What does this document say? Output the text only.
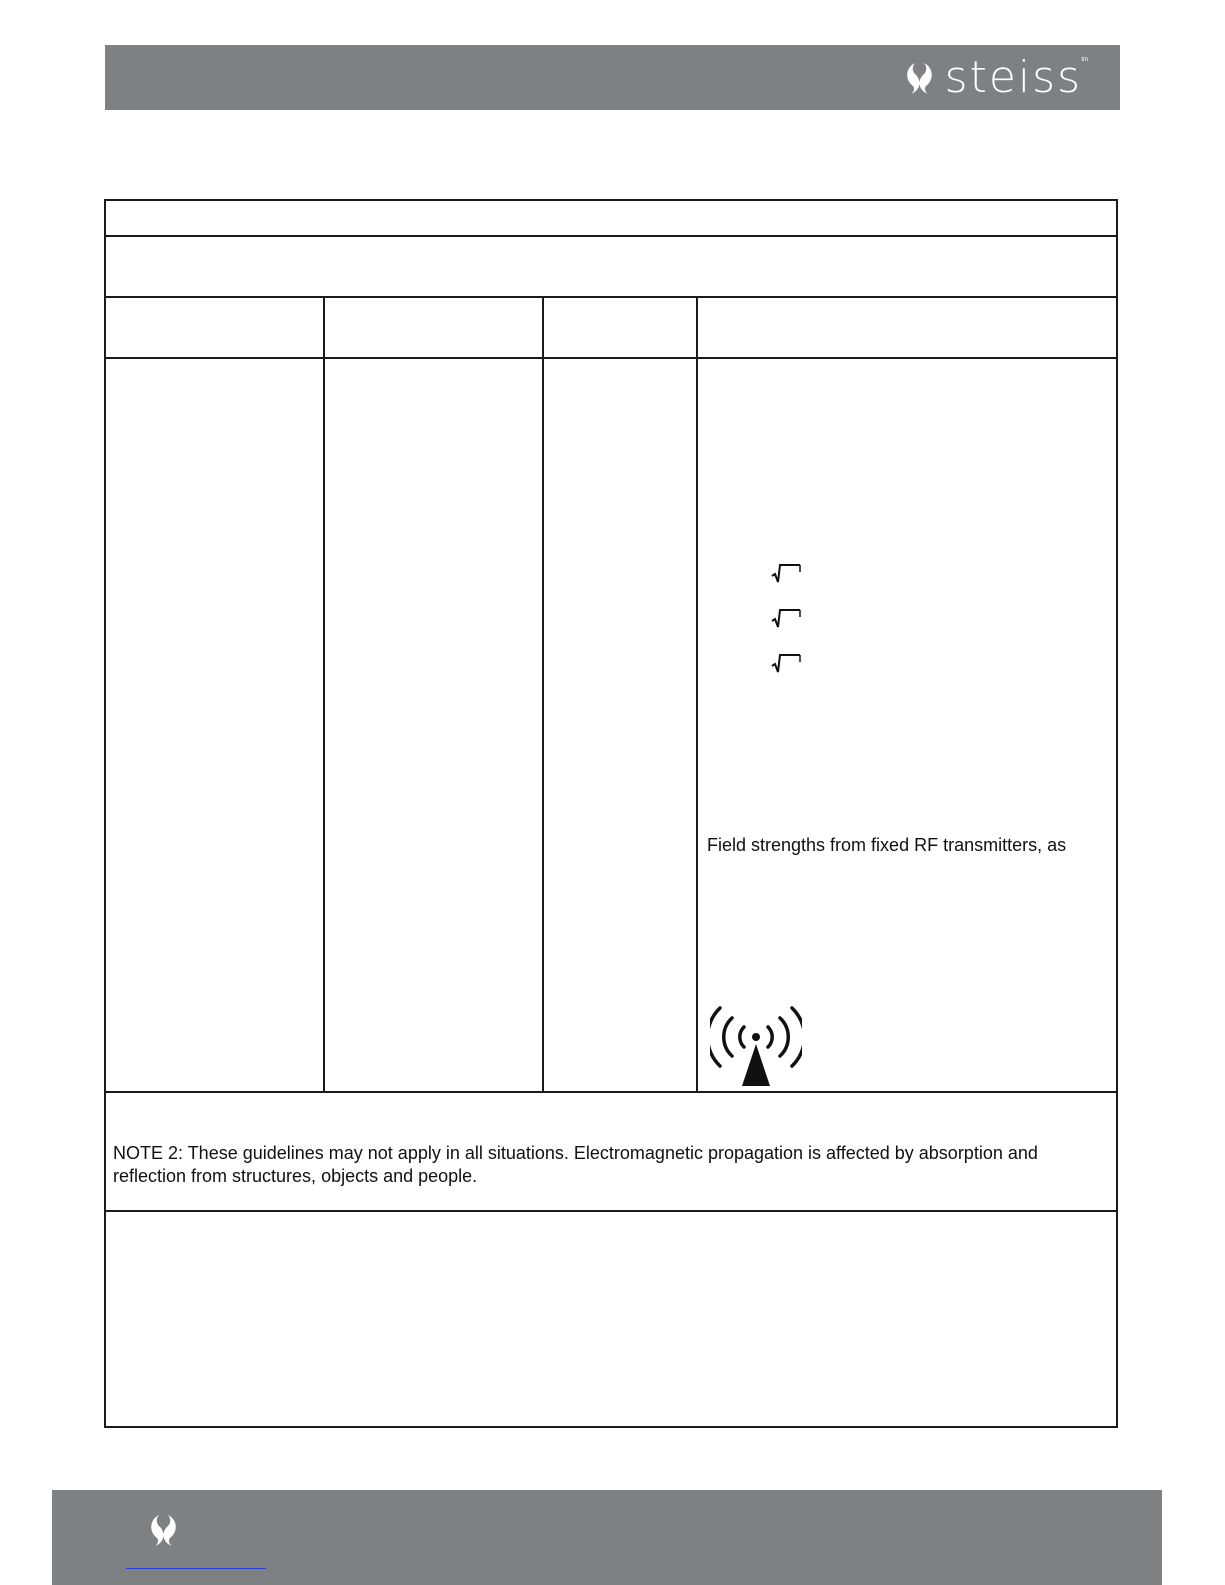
steiss tm
Field strengths from fixed RF transmitters, as
NOTE 2: These guidelines may not apply in all situations. Electromagnetic propagation is affected by absorption and
reflection from structures, objects and people.
